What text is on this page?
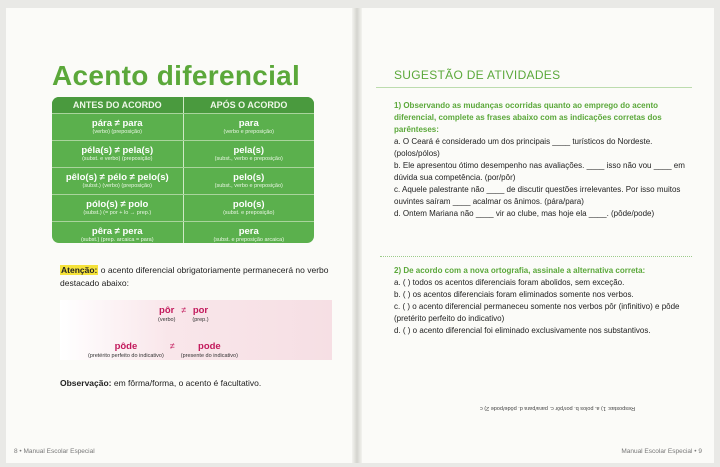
Acento diferencial
ANTES DO ACORDO	APÓS O ACORDO
pára ≠ para
(verbo) (preposição)
para
(verbo e preposição)
péla(s) ≠ pela(s)
(subst. e verbo) (preposição)
pela(s)
(subst., verbo e preposição)
pêlo(s) ≠ pélo ≠ pelo(s)
(subst.) (verbo) (preposição)
pelo(s)
(subst., verbo e preposição)
pólo(s) ≠ polo
(subst.) (= por + lo → prep.)
polo(s)
(subst. e preposição)
pêra ≠ pera
(subst.) (prep. arcaica = para)
pera
(subst. e preposição arcaica)
Atenção: o acento diferencial obrigatoriamente permanecerá no verbo destacado abaixo:
pôr
(verbo)
≠ por
(prep.)
pôde
(pretérito perfeito do indicativo)
≠	pode
(presente do indicativo)
Observação: em fôrma/forma, o acento é facultativo.
8 • Manual Escolar Especial
SUGESTÃO DE ATIVIDADES

1) Observando as mudanças ocorridas quanto ao emprego do acento diferencial, complete as frases abaixo com as indicações corretas dos parênteses:

a. O Ceará é considerado um dos principais ____ turísticos do Nordeste. (polos/pólos)

b. Ele apresentou ótimo desempenho nas avaliações. ____ isso não vou ____ em dúvida sua competência. (por/pôr)

c. Aquele palestrante não ____ de discutir questões irrelevantes. Por isso muitos ouvintes saíram ____ acalmar os ânimos. (pára/para)

d. Ontem Mariana não ____ vir ao clube, mas hoje ela ____. (pôde/pode)

2) De acordo com a nova ortografia, assinale a alternativa correta:

a. ( ) todos os acentos diferenciais foram abolidos, sem exceção.

b. ( ) os acentos diferenciais foram eliminados somente nos verbos.

c. ( ) o acento diferencial permaneceu somente nos verbos pôr (infinitivo) e pôde (pretérito perfeito do indicativo)

d. ( ) o acento diferencial foi eliminado exclusivamente nos substantivos.

Respostas: 1) a. polos b. por/pôr c. para/para d. pôde/pode 2) c
Manual Escolar Especial • 9
